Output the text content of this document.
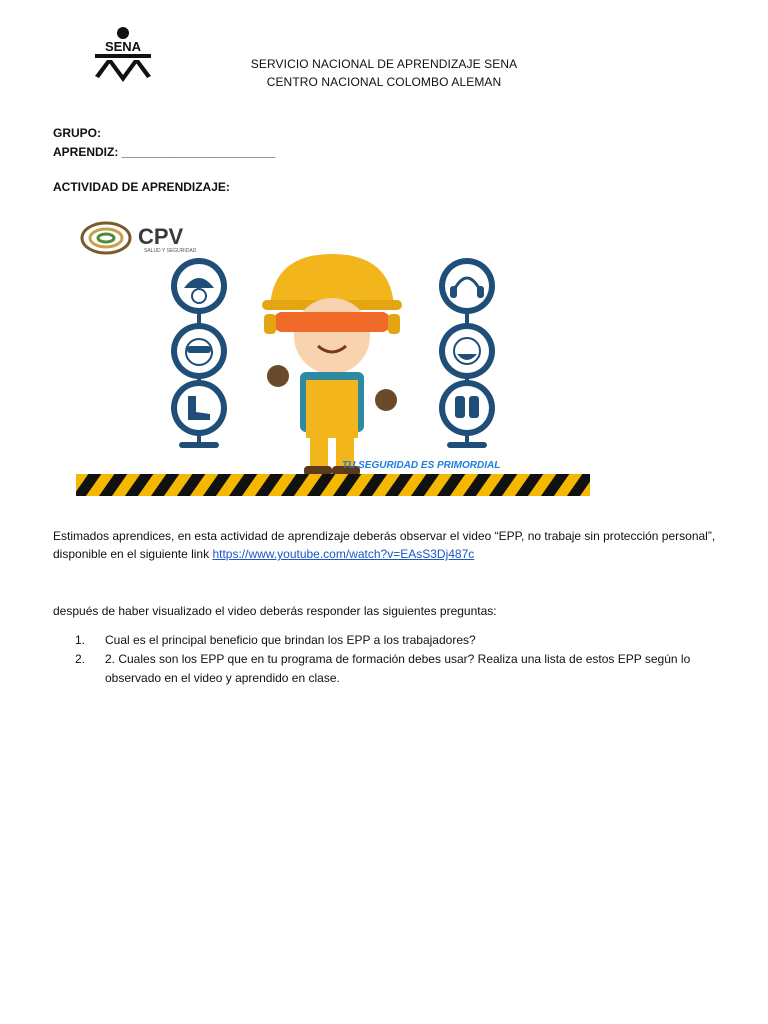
SENA
SERVICIO NACIONAL DE APRENDIZAJE SENA
CENTRO NACIONAL COLOMBO ALEMAN
GRUPO:
APRENDIZ: _______________________
ACTIVIDAD DE APRENDIZAJE:
CPV
SALUD Y SEGURIDAD
TU SEGURIDAD ES PRIMORDIAL
Estimados aprendices, en esta actividad de aprendizaje deberás observar el video “EPP, no trabaje sin protección personal”, disponible en el siguiente link https://www.youtube.com/watch?v=EAsS3Dj487c
después de haber visualizado el video deberás responder las siguientes preguntas:
1.	Cual es el principal beneficio que brindan los EPP a los trabajadores?
2.	2. Cuales son los EPP que en tu programa de formación debes usar? Realiza una lista de estos EPP según lo observado en el video y aprendido en clase.
